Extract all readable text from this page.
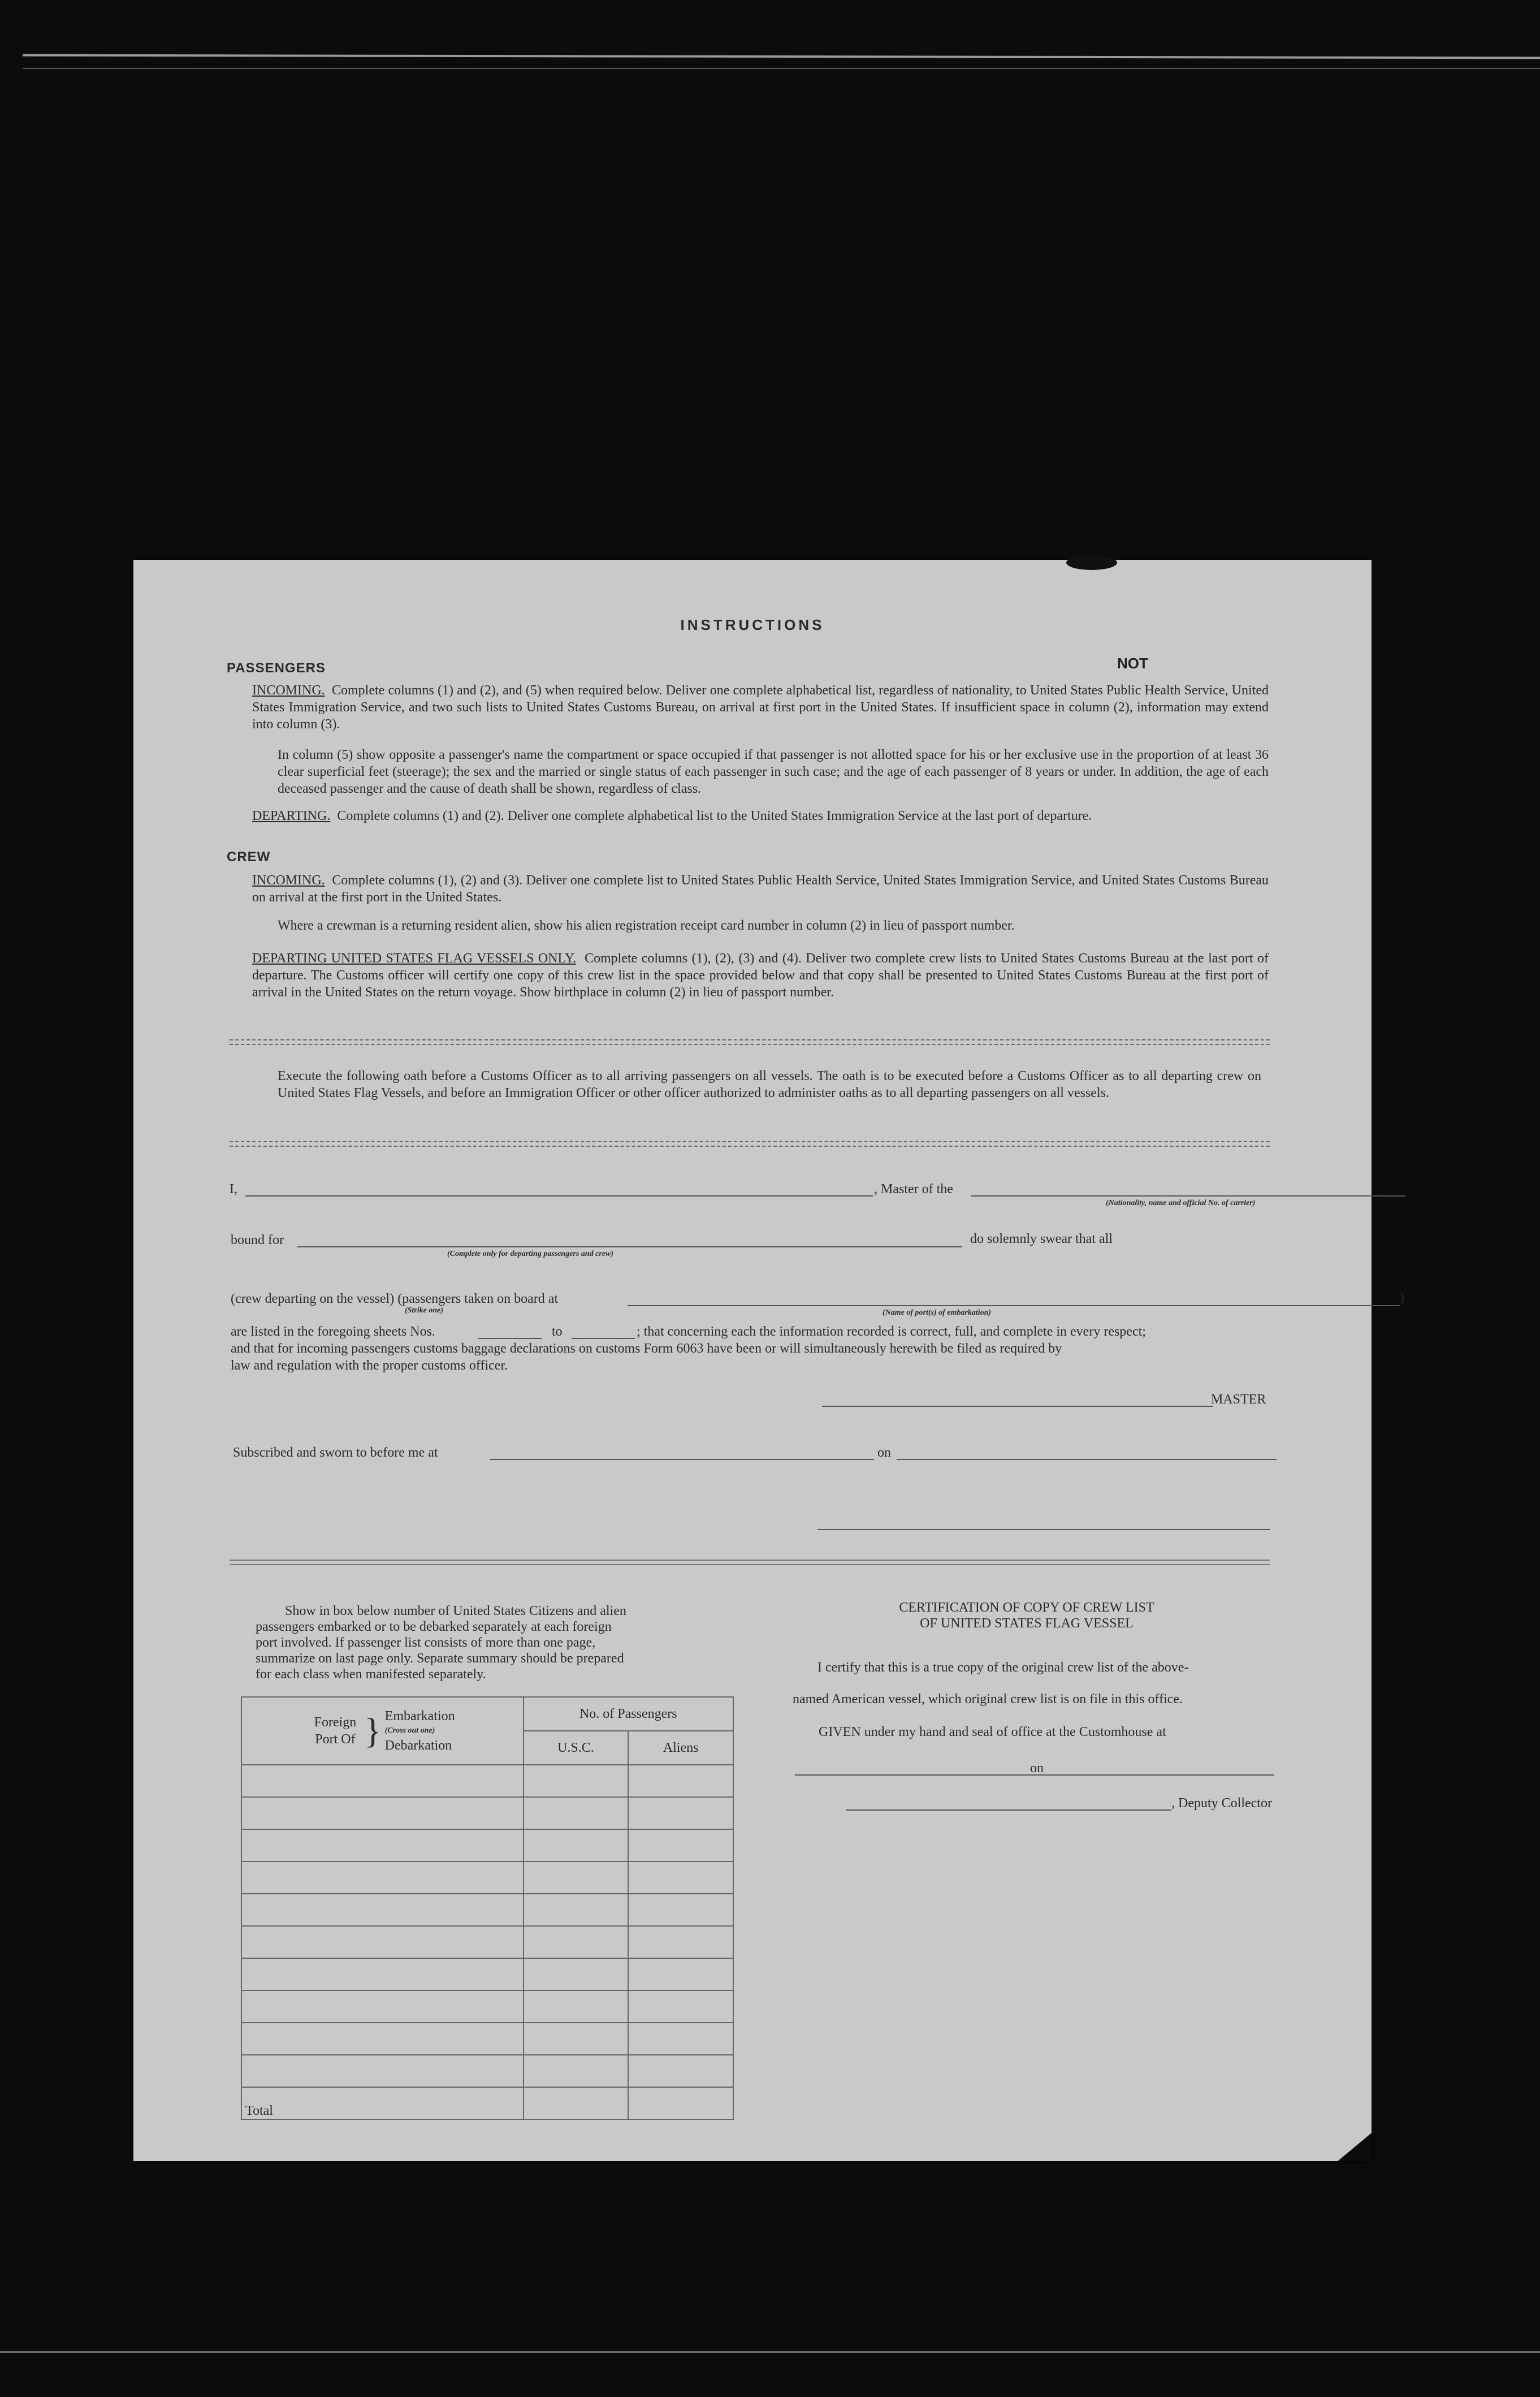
INSTRUCTIONS
NOT
PASSENGERS
INCOMING. Complete columns (1) and (2), and (5) when required below. Deliver one complete alphabetical list, regardless of nationality, to United States Public Health Service, United States Immigration Service, and two such lists to United States Customs Bureau, on arrival at first port in the United States. If insufficient space in column (2), information may extend into column (3).
In column (5) show opposite a passenger's name the compartment or space occupied if that passenger is not allotted space for his or her exclusive use in the proportion of at least 36 clear superficial feet (steerage); the sex and the married or single status of each passenger in such case; and the age of each passenger of 8 years or under. In addition, the age of each deceased passenger and the cause of death shall be shown, regardless of class.
DEPARTING. Complete columns (1) and (2). Deliver one complete alphabetical list to the United States Immigration Service at the last port of departure.
CREW
INCOMING. Complete columns (1), (2) and (3). Deliver one complete list to United States Public Health Service, United States Immigration Service, and United States Customs Bureau on arrival at the first port in the United States.
Where a crewman is a returning resident alien, show his alien registration receipt card number in column (2) in lieu of passport number.
DEPARTING UNITED STATES FLAG VESSELS ONLY. Complete columns (1), (2), (3) and (4). Deliver two complete crew lists to United States Customs Bureau at the last port of departure. The Customs officer will certify one copy of this crew list in the space provided below and that copy shall be presented to United States Customs Bureau at the first port of arrival in the United States on the return voyage. Show birthplace in column (2) in lieu of passport number.
Execute the following oath before a Customs Officer as to all arriving passengers on all vessels. The oath is to be executed before a Customs Officer as to all departing crew on United States Flag Vessels, and before an Immigration Officer or other officer authorized to administer oaths as to all departing passengers on all vessels.
I,	, Master of the
(Nationality, name and official No. of carrier)
bound for
(Complete only for departing passengers and crew)
do solemnly swear that all
(crew departing on the vessel) (passengers taken on board at
(Strike one)	(Name of port(s) of embarkation)
)
are listed in the foregoing sheets Nos.	to	; that concerning each the information recorded is correct, full, and complete in every respect;
and that for incoming passengers customs baggage declarations on customs Form 6063 have been or will simultaneously herewith be filed as required by
law and regulation with the proper customs officer.
MASTER
Subscribed and sworn to before me at	on
Show in box below number of United States Citizens and alien
passengers embarked or to be debarked separately at each foreign
port involved. If passenger list consists of more than one page,
summarize on last page only. Separate summary should be prepared
for each class when manifested separately.
Foreign Port Of } Embarkation
(Cross out one)
Debarkation	No. of Passengers	
	U.S.C.	Aliens

Total		
CERTIFICATION OF COPY OF CREW LIST
OF UNITED STATES FLAG VESSEL
I certify that this is a true copy of the original crew list of the above-
named American vessel, which original crew list is on file in this office.
GIVEN under my hand and seal of office at the Customhouse at
on
, Deputy Collector
